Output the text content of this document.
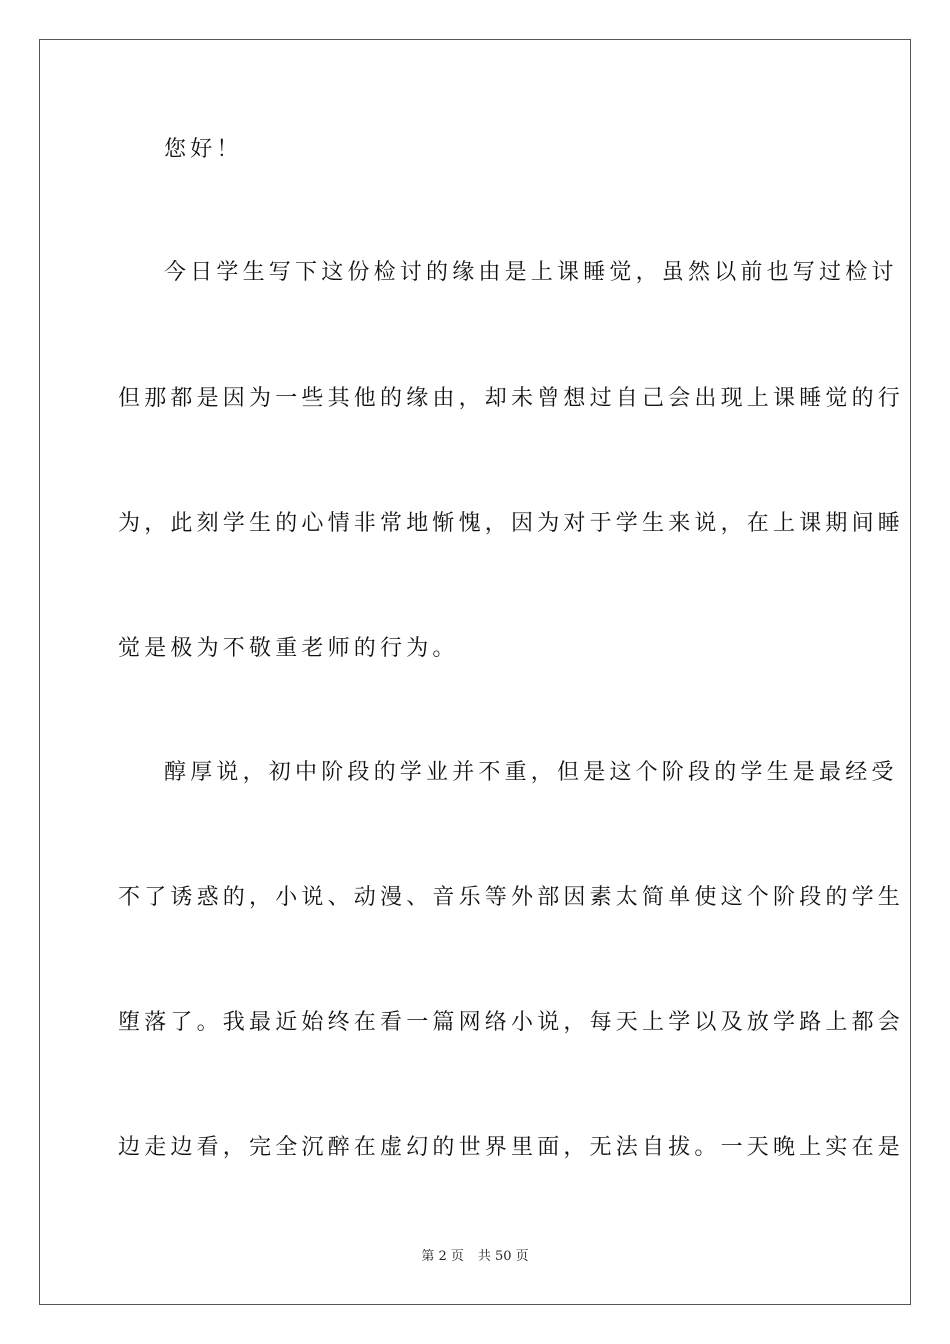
您好！
今日学生写下这份检讨的缘由是上课睡觉，虽然以前也写过检讨
但那都是因为一些其他的缘由，却未曾想过自己会出现上课睡觉的行
为，此刻学生的心情非常地惭愧，因为对于学生来说，在上课期间睡
觉是极为不敬重老师的行为。
醇厚说，初中阶段的学业并不重，但是这个阶段的学生是最经受
不了诱惑的，小说、动漫、音乐等外部因素太简单使这个阶段的学生
堕落了。我最近始终在看一篇网络小说，每天上学以及放学路上都会
边走边看，完全沉醉在虚幻的世界里面，无法自拔。一天晚上实在是
第 2 页 共 50 页
